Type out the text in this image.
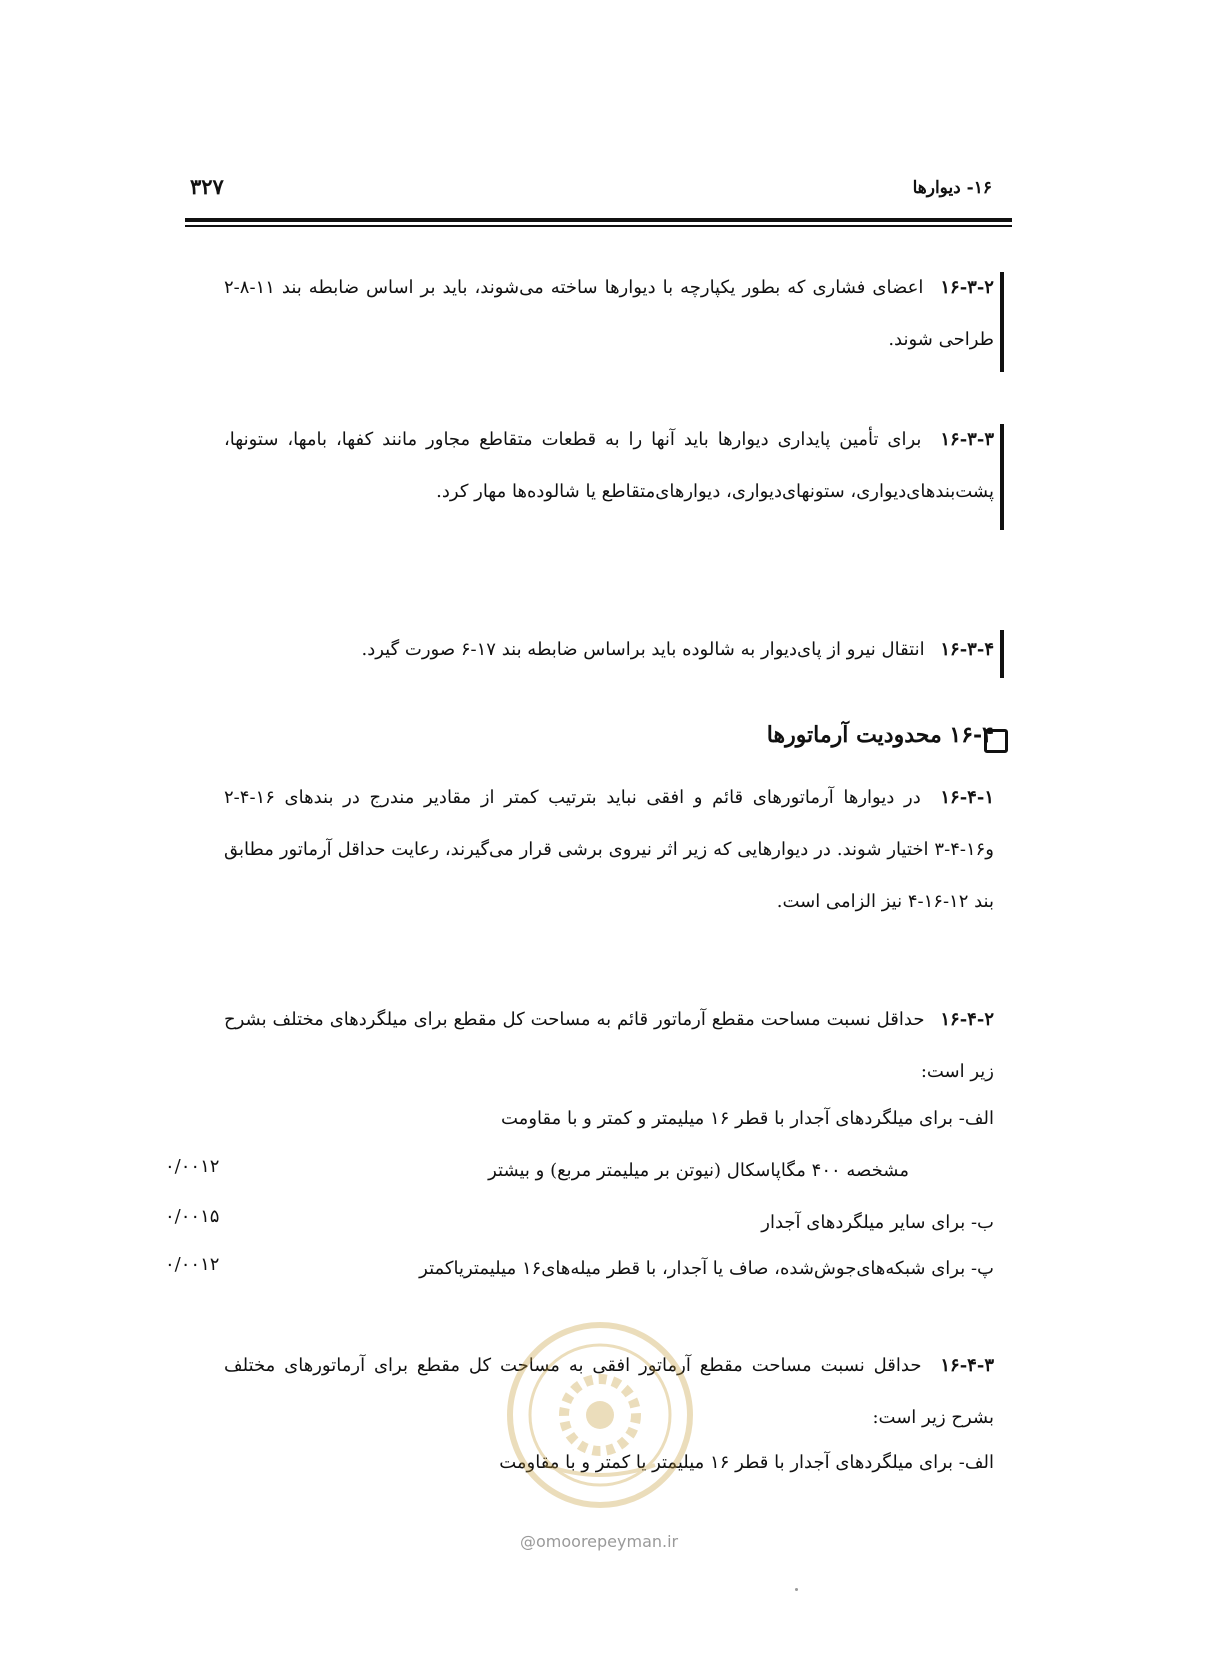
۱۶- دیوارها
۳۲۷

۱۶-۳-۲ اعضای فشاری که بطور یکپارچه با دیوارها ساخته می‌شوند، باید بر اساس ضابطه بند ۱۱-۸-۲ طراحی شوند.

۱۶-۳-۳ برای تأمین پایداری دیوارها باید آنها را به قطعات متقاطع مجاور مانند کفها، بامها، ستونها، پشت‌بندهای‌دیواری، ستونهای‌دیواری، دیوارهای‌متقاطع یا شالوده‌ها مهار کرد.

۱۶-۳-۴ انتقال نیرو از پای‌دیوار به شالوده باید براساس ضابطه بند ۱۷-۶ صورت گیرد.

۱۶-۴ محدودیت آرماتورها

۱۶-۴-۱ در دیوارها آرماتورهای قائم و افقی نباید بترتیب کمتر از مقادیر مندرج در بندهای ۱۶-۴-۲ و۱۶-۴-۳ اختیار شوند. در دیوارهایی که زیر اثر نیروی برشی قرار می‌گیرند، رعایت حداقل آرماتور مطابق بند ۱۲-۱۶-۴ نیز الزامی است.

۱۶-۴-۲ حداقل نسبت مساحت مقطع آرماتور قائم به مساحت کل مقطع برای میلگردهای مختلف بشرح زیر است:

الف- برای میلگردهای آجدار با قطر ۱۶ میلیمتر و کمتر و با مقاومت
مشخصه ۴۰۰ مگاپاسکال (نیوتن بر میلیمتر مربع) و بیشتر
۰/۰۰۱۲
ب- برای سایر میلگردهای آجدار
۰/۰۰۱۵
پ- برای شبکه‌های‌جوش‌شده، صاف یا آجدار، با قطر میله‌های۱۶ میلیمتریاکمتر
۰/۰۰۱۲

۱۶-۴-۳ حداقل نسبت مساحت مقطع آرماتور افقی به مساحت کل مقطع برای آرماتورهای مختلف بشرح زیر است:

الف- برای میلگردهای آجدار با قطر ۱۶ میلیمتر یا کمتر و با مقاومت
@omoorepeyman.ir
